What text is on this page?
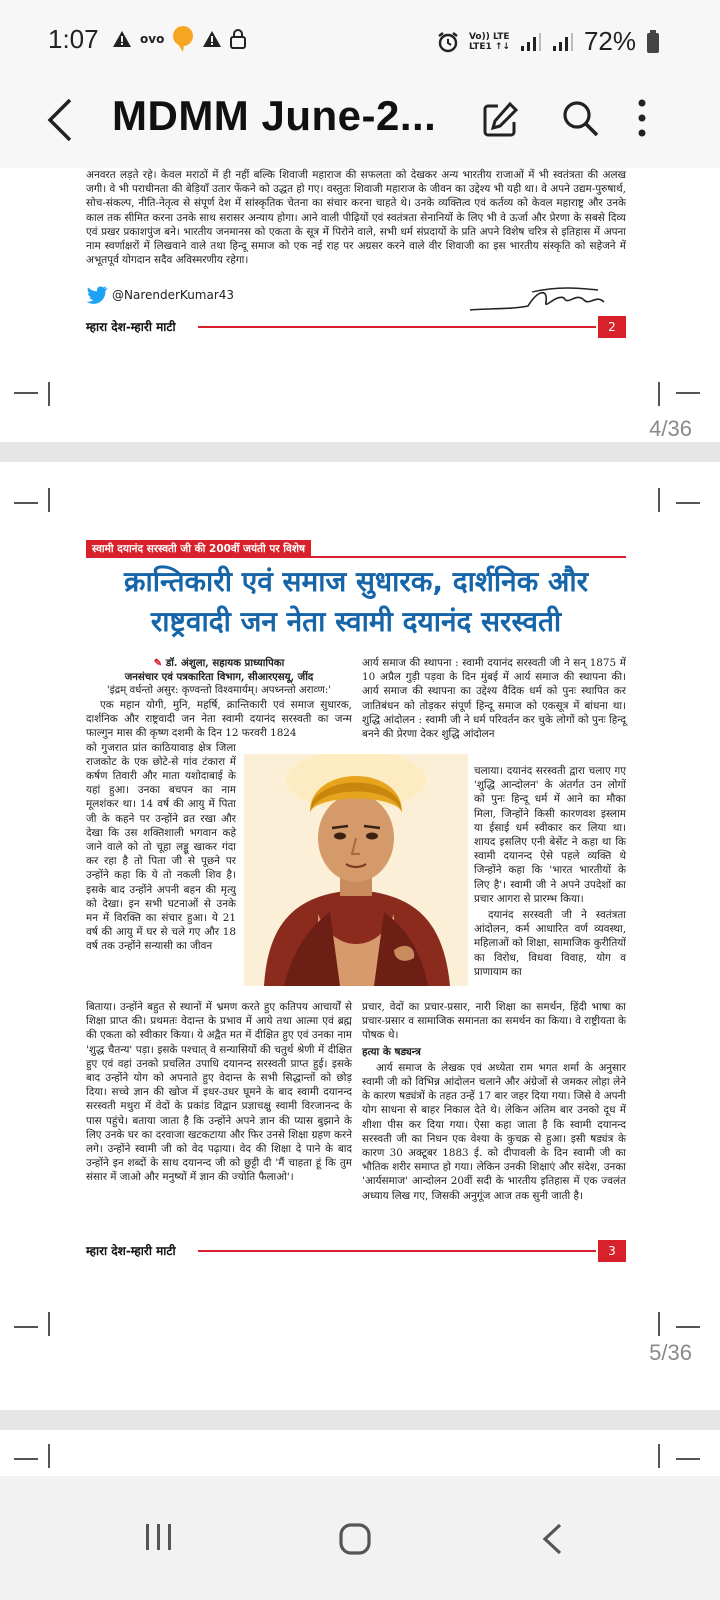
1:07	ovo	Vo)) LTE
LTE1 ↑↓	72%
MDMM June-2...
अनवरत लड़ते रहे। केवल मराठों में ही नहीं बल्कि शिवाजी महाराज की सफलता को देखकर अन्य भारतीय राजाओं में भी स्वतंत्रता की अलख जगी। वे भी पराधीनता की बेड़ियाँ उतार फेंकने को उद्धत हो गए। वस्तुतः शिवाजी महाराज के जीवन का उद्देश्य भी यही था। वे अपने उद्यम-पुरुषार्थ, सोच-संकल्प, नीति-नेतृत्व से संपूर्ण देश में सांस्कृतिक चेतना का संचार करना चाहते थे। उनके व्यक्तित्व एवं कर्तव्य को केवल महाराष्ट्र और उनके काल तक सीमित करना उनके साथ सरासर अन्याय होगा। आने वाली पीढ़ियों एवं स्वतंत्रता सेनानियों के लिए भी वे ऊर्जा और प्रेरणा के सबसे दिव्य एवं प्रखर प्रकाशपुंज बने। भारतीय जनमानस को एकता के सूत्र में पिरोने वाले, सभी धर्म संप्रदायों के प्रति अपने विशेष चरित्र से इतिहास में अपना नाम स्वर्णाक्षरों में लिखवाने वाले तथा हिन्दू समाज को एक नई राह पर अग्रसर करने वाले वीर शिवाजी का इस भारतीय संस्कृति को सहेजने में अभूतपूर्व योगदान सदैव अविस्मरणीय रहेगा।
@NarenderKumar43
म्हारा देश-म्हारी माटी	2
4/36
स्वामी दयानंद सरस्वती जी की 200वीं जयंती पर विशेष
क्रान्तिकारी एवं समाज सुधारक, दार्शनिक और
राष्ट्रवादी जन नेता स्वामी दयानंद सरस्वती
✎ डॉ. अंशुला, सहायक प्राध्यापिका
जनसंचार एवं पत्रकारिता विभाग, सीआरएसयू, जींद
'इंद्रम् वर्धन्तो असुर: कृण्वन्तो विश्वमार्यम्। अपध्नन्तो अराव्ण:'
एक महान योगी, मुनि, महर्षि, क्रान्तिकारी एवं समाज सुधारक, दार्शनिक और राष्ट्रवादी जन नेता स्वामी दयानंद सरस्वती का जन्म फाल्गुन मास की कृष्ण दशमी के दिन 12 फरवरी 1824
को गुजरात प्रांत काठियावाड़ क्षेत्र जिला राजकोट के एक छोटे-से गांव टंकारा में कर्षण तिवारी और माता यशोदाबाई के यहां हुआ। उनका बचपन का नाम मूलशंकर था। 14 वर्ष की आयु में पिता जी के कहने पर उन्होंने व्रत रखा और देखा कि उस शक्तिशाली भगवान कहे जाने वाले को तो चूहा लड्डू खाकर गंदा कर रहा है तो पिता जी से पूछने पर उन्होंने कहा कि ये तो नकली शिव है। इसके बाद उन्होंने अपनी बहन की मृत्यु को देखा। इन सभी घटनाओं से उनके मन में विरक्ति का संचार हुआ। ये 21 वर्ष की आयु में घर से चले गए और 18 वर्ष तक उन्होंने सन्यासी का जीवन
बिताया। उन्होंने बहुत से स्थानों में भ्रमण करते हुए कतिपय आचार्यों से शिक्षा प्राप्त की। प्रथमतः वेदान्त के प्रभाव में आये तथा आत्मा एवं ब्रह्म की एकता को स्वीकार किया। ये अद्वैत मत में दीक्षित हुए एवं उनका नाम 'शुद्ध चैतन्य' पड़ा। इसके पश्चात् वे सन्यासियों की चतुर्थ श्रेणी में दीक्षित हुए एवं वहां उनको प्रचलित उपाधि दयानन्द सरस्वती प्राप्त हुई। इसके बाद उन्होंने योग को अपनाते हुए वेदान्त के सभी सिद्धान्तों को छोड़ दिया। सच्चे ज्ञान की खोज में इधर-उधर घूमने के बाद स्वामी दयानन्द सरस्वती मथुरा में वेदों के प्रकांड विद्वान प्रज्ञाचक्षु स्वामी विरजानन्द के पास पहुंचे। बताया जाता है कि उन्होंने अपने ज्ञान की प्यास बुझाने के लिए उनके घर का दरवाजा खटकटाया और फिर उनसे शिक्षा ग्रहण करने लगे। उन्होंने स्वामी जी को वेद पढ़ाया। वेद की शिक्षा दे पाने के बाद उन्होंने इन शब्दों के साथ दयानन्द जी को छुट्टी दी 'मैं चाहता हूं कि तुम संसार में जाओ और मनुष्यों में ज्ञान की ज्योति फैलाओ'।
आर्य समाज की स्थापना : स्वामी दयानंद सरस्वती जी ने सन् 1875 में 10 अप्रैल गुड़ी पड़वा के दिन मुंबई में आर्य समाज की स्थापना की। आर्य समाज की स्थापना का उद्देश्य वैदिक धर्म को पुनः स्थापित कर जातिबंधन को तोड़कर संपूर्ण हिन्दू समाज को एकसूत्र में बांधना था। शुद्धि आंदोलन : स्वामी जी ने धर्म परिवर्तन कर चुके लोगों को पुनः हिन्दू बनने की प्रेरणा देकर शुद्धि आंदोलन
चलाया। दयानंद सरस्वती द्वारा चलाए गए 'शुद्धि आन्दोलन' के अंतर्गत उन लोगों को पुनः हिन्दू धर्म में आने का मौका मिला, जिन्होंने किसी कारणवश इस्लाम या ईसाई धर्म स्वीकार कर लिया था। शायद इसलिए एनी बेसेंट ने कहा था कि स्वामी दयानन्द ऐसे पहले व्यक्ति थे जिन्होंने कहा कि 'भारत भारतीयों के लिए है'। स्वामी जी ने अपने उपदेशों का प्रचार आगरा से प्रारम्भ किया।
दयानंद सरस्वती जी ने स्वतंत्रता आंदोलन, कर्म आधारित वर्ण व्यवस्था, महिलाओं को शिक्षा, सामाजिक कुरीतियों का विरोध, विधवा विवाह, योग व प्राणायाम का
प्रचार, वेदों का प्रचार-प्रसार, नारी शिक्षा का समर्थन, हिंदी भाषा का प्रचार-प्रसार व सामाजिक समानता का समर्थन का किया। वे राष्ट्रीयता के पोषक थे।
हत्या के षड्यन्त्र
आर्य समाज के लेखक एवं अध्येता राम भगत शर्मा के अनुसार स्वामी जी को विभिन्न आंदोलन चलाने और अंग्रेजों से जमकर लोहा लेने के कारण षड्यंत्रों के तहत उन्हें 17 बार जहर दिया गया। जिसे वे अपनी योग साधना से बाहर निकाल देते थे। लेकिन अंतिम बार उनको दूध में शीशा पीस कर दिया गया। ऐसा कहा जाता है कि स्वामी दयानन्द सरस्वती जी का निधन एक वेश्या के कुचक्र से हुआ। इसी षड्यंत्र के कारण 30 अक्टूबर 1883 ई. को दीपावली के दिन स्वामी जी का भौतिक शरीर समाप्त हो गया। लेकिन उनकी शिक्षाएं और संदेश, उनका 'आर्यसमाज' आन्दोलन 20वीं सदी के भारतीय इतिहास में एक ज्वलंत अध्याय लिख गए, जिसकी अनुगूंज आज तक सुनी जाती है।
म्हारा देश-म्हारी माटी	3
5/36
